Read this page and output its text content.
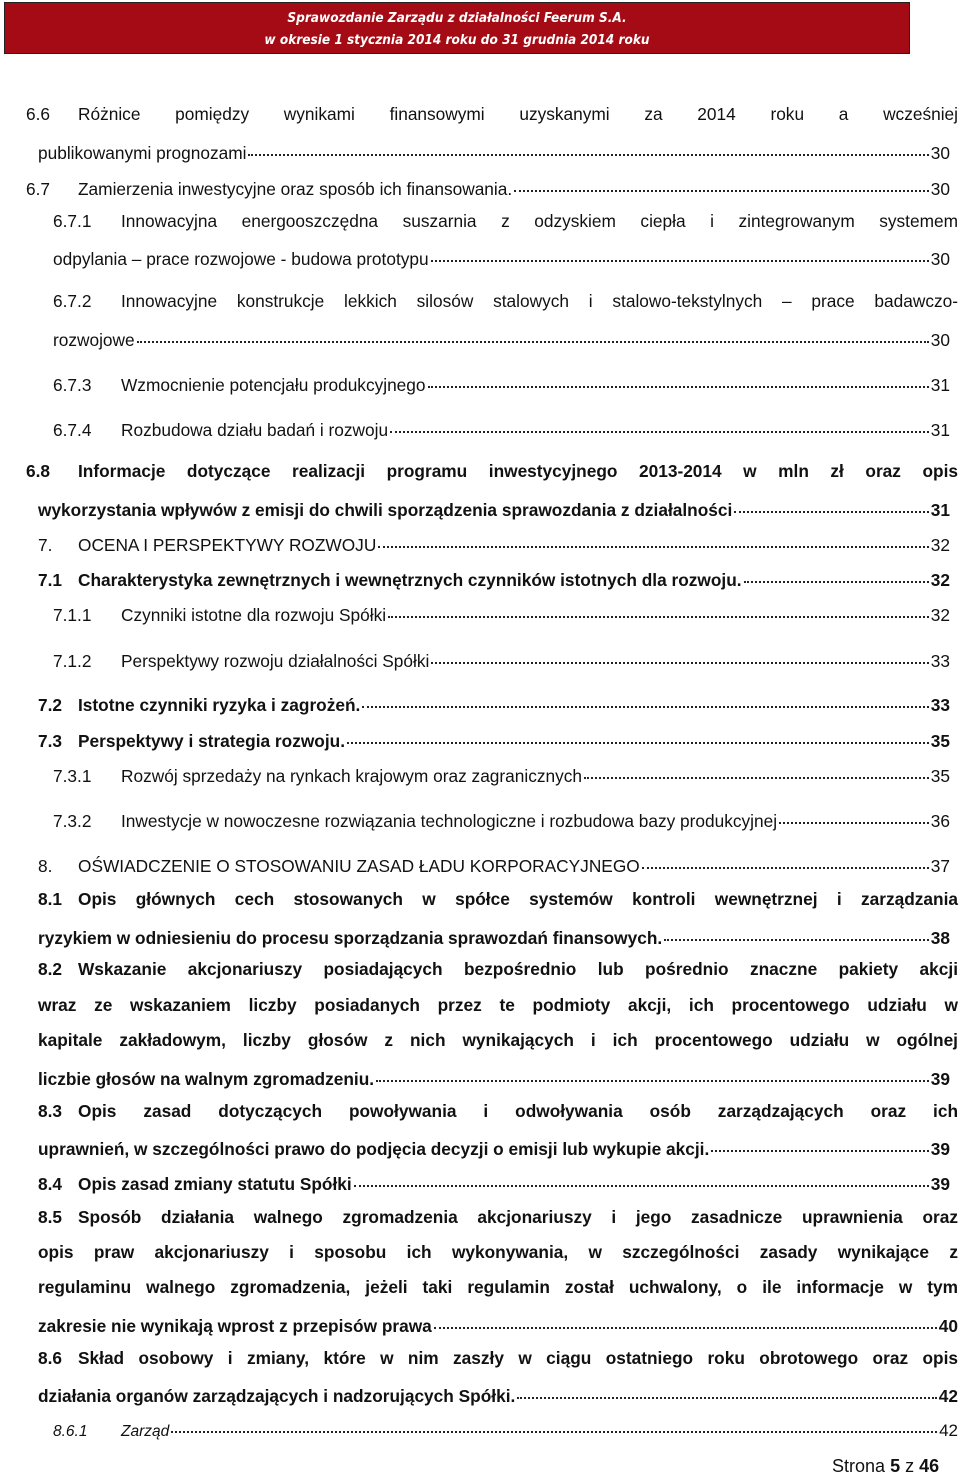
Sprawozdanie Zarządu z działalności Feerum S.A.
w okresie 1 stycznia 2014 roku do 31 grudnia 2014 roku
6.6	Różnice pomiędzy wynikami finansowymi uzyskanymi za 2014 roku a wcześniej
publikowanymi prognozami	30
6.7	Zamierzenia inwestycyjne oraz sposób ich finansowania.	30
6.7.1	Innowacyjna energooszczędna suszarnia z odzyskiem ciepła i zintegrowanym systemem
odpylania – prace rozwojowe - budowa prototypu	30
6.7.2	Innowacyjne konstrukcje lekkich silosów stalowych i stalowo-tekstylnych – prace badawczo-
rozwojowe	30
6.7.3	Wzmocnienie potencjału produkcyjnego	31
6.7.4	Rozbudowa działu badań i rozwoju	31
6.8	Informacje dotyczące realizacji programu inwestycyjnego 2013-2014 w mln zł oraz opis
wykorzystania wpływów z emisji do chwili sporządzenia sprawozdania z działalności	31
7.	OCENA I PERSPEKTYWY ROZWOJU	32
7.1 Charakterystyka zewnętrznych i wewnętrznych czynników istotnych dla rozwoju.	32
7.1.1	Czynniki istotne dla rozwoju Spółki	32
7.1.2	Perspektywy rozwoju działalności Spółki	33
7.2 Istotne czynniki ryzyka i zagrożeń.	33
7.3 Perspektywy i strategia rozwoju.	35
7.3.1	Rozwój sprzedaży na rynkach krajowym oraz zagranicznych	35
7.3.2	Inwestycje w nowoczesne rozwiązania technologiczne i rozbudowa bazy produkcyjnej	36
8.	OŚWIADCZENIE O STOSOWANIU ZASAD ŁADU KORPORACYJNEGO	37
8.1 Opis głównych cech stosowanych w spółce systemów kontroli wewnętrznej i zarządzania
ryzykiem w odniesieniu do procesu sporządzania sprawozdań finansowych.	38
8.2 Wskazanie akcjonariuszy posiadających bezpośrednio lub pośrednio znaczne pakiety akcji
wraz ze wskazaniem liczby posiadanych przez te podmioty akcji, ich procentowego udziału w
kapitale zakładowym, liczby głosów z nich wynikających i ich procentowego udziału w ogólnej
liczbie głosów na walnym zgromadzeniu.	39
8.3 Opis zasad dotyczących powoływania i odwoływania osób zarządzających oraz ich
uprawnień, w szczególności prawo do podjęcia decyzji o emisji lub wykupie akcji.	39
8.4 Opis zasad zmiany statutu Spółki	39
8.5 Sposób działania walnego zgromadzenia akcjonariuszy i jego zasadnicze uprawnienia oraz
opis praw akcjonariuszy i sposobu ich wykonywania, w szczególności zasady wynikające z
regulaminu walnego zgromadzenia, jeżeli taki regulamin został uchwalony, o ile informacje w tym
zakresie nie wynikają wprost z przepisów prawa	40
8.6 Skład osobowy i zmiany, które w nim zaszły w ciągu ostatniego roku obrotowego oraz opis
działania organów zarządzających i nadzorujących Spółki.	42
8.6.1	Zarząd	42
Strona 5 z 46
